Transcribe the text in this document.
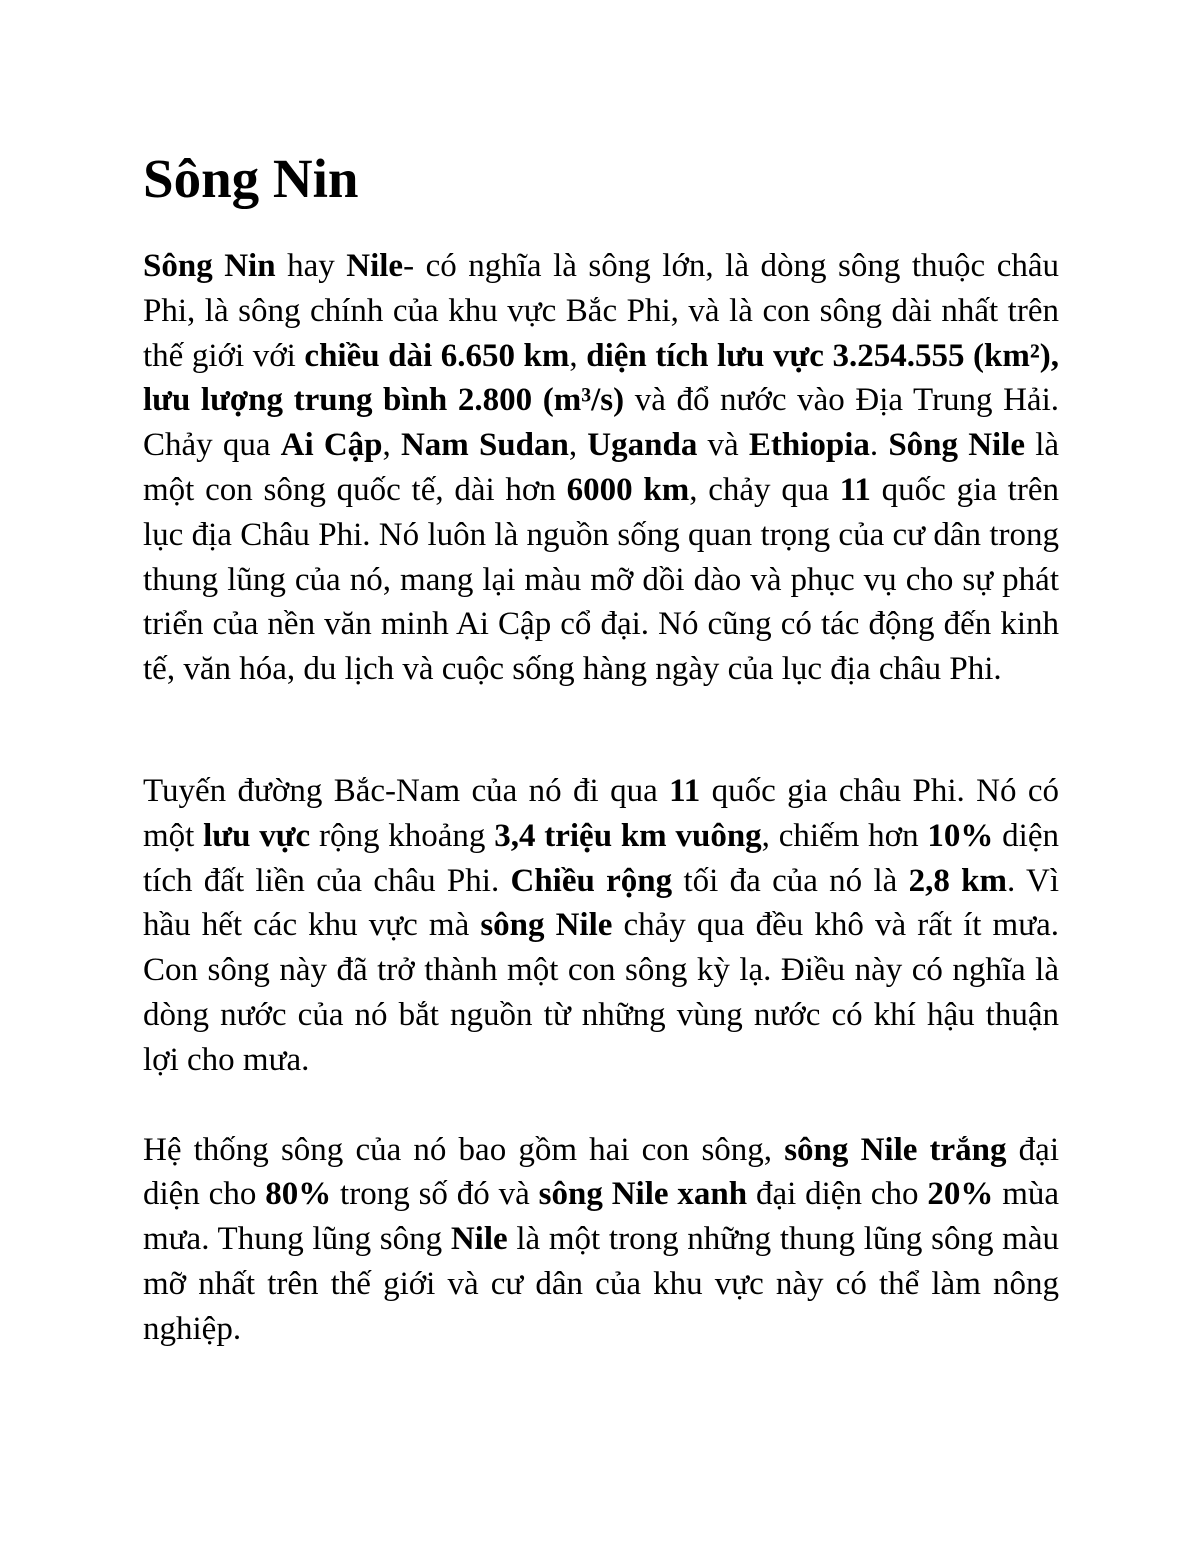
Sông Nin

Sông Nin hay Nile- có nghĩa là sông lớn, là dòng sông thuộc châu Phi, là sông chính của khu vực Bắc Phi, và là con sông dài nhất trên thế giới với chiều dài 6.650 km, diện tích lưu vực 3.254.555 (km²), lưu lượng trung bình 2.800 (m³/s) và đổ nước vào Địa Trung Hải. Chảy qua Ai Cập, Nam Sudan, Uganda và Ethiopia. Sông Nile là một con sông quốc tế, dài hơn 6000 km, chảy qua 11 quốc gia trên lục địa Châu Phi. Nó luôn là nguồn sống quan trọng của cư dân trong thung lũng của nó, mang lại màu mỡ dồi dào và phục vụ cho sự phát triển của nền văn minh Ai Cập cổ đại. Nó cũng có tác động đến kinh tế, văn hóa, du lịch và cuộc sống hàng ngày của lục địa châu Phi.

Tuyến đường Bắc-Nam của nó đi qua 11 quốc gia châu Phi. Nó có một lưu vực rộng khoảng 3,4 triệu km vuông, chiếm hơn 10% diện tích đất liền của châu Phi. Chiều rộng tối đa của nó là 2,8 km. Vì hầu hết các khu vực mà sông Nile chảy qua đều khô và rất ít mưa. Con sông này đã trở thành một con sông kỳ lạ. Điều này có nghĩa là dòng nước của nó bắt nguồn từ những vùng nước có khí hậu thuận lợi cho mưa.

Hệ thống sông của nó bao gồm hai con sông, sông Nile trắng đại diện cho 80% trong số đó và sông Nile xanh đại diện cho 20% mùa mưa. Thung lũng sông Nile là một trong những thung lũng sông màu mỡ nhất trên thế giới và cư dân của khu vực này có thể làm nông nghiệp.
